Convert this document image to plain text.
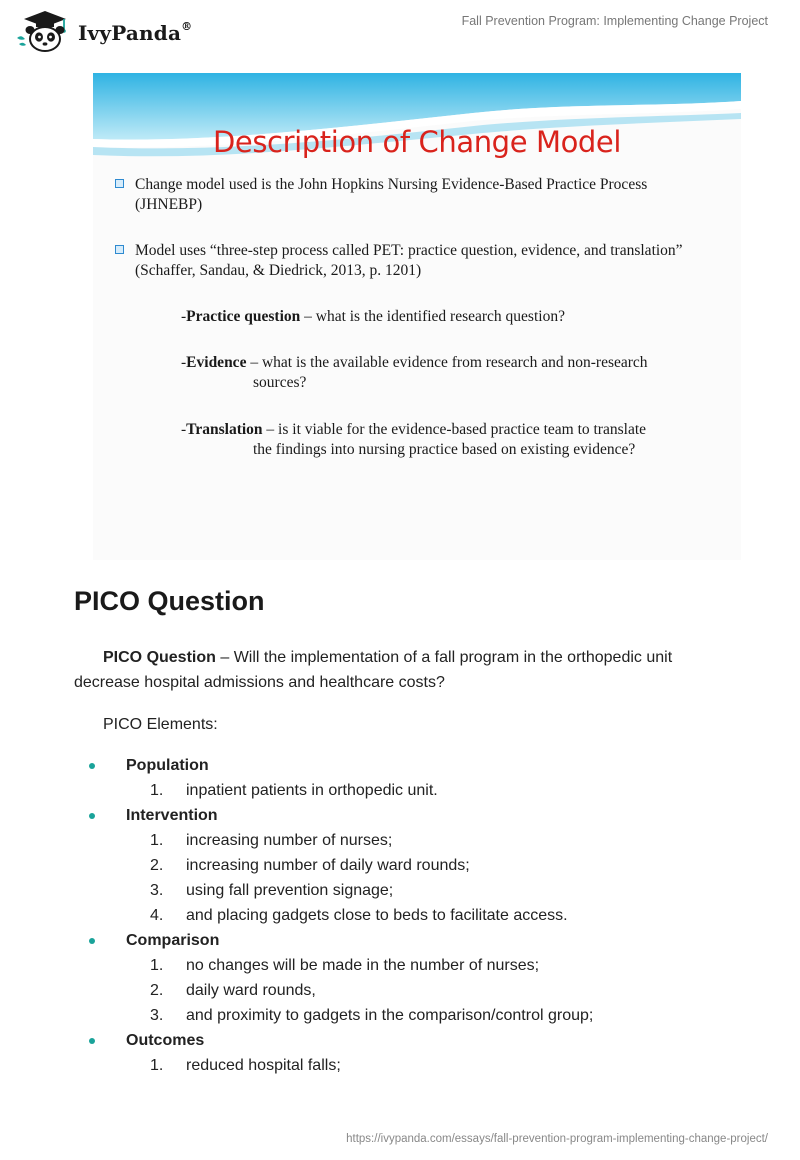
IvyPanda®	Fall Prevention Program: Implementing Change Project
Description of Change Model
Change model used is the John Hopkins Nursing Evidence-Based Practice Process (JHNEBP)
Model uses “three-step process called PET: practice question, evidence, and translation” (Schaffer, Sandau, & Diedrick, 2013, p. 1201)
-Practice question – what is the identified research question?
-Evidence – what is the available evidence from research and non-research
sources?
-Translation – is it viable for the evidence-based practice team to translate
the findings into nursing practice based on existing evidence?
PICO Question
PICO Question – Will the implementation of a fall program in the orthopedic unit decrease hospital admissions and healthcare costs?
PICO Elements:
Population
1. inpatient patients in orthopedic unit.
Intervention
1. increasing number of nurses;
2. increasing number of daily ward rounds;
3. using fall prevention signage;
4. and placing gadgets close to beds to facilitate access.
Comparison
1. no changes will be made in the number of nurses;
2. daily ward rounds,
3. and proximity to gadgets in the comparison/control group;
Outcomes
1. reduced hospital falls;
https://ivypanda.com/essays/fall-prevention-program-implementing-change-project/
